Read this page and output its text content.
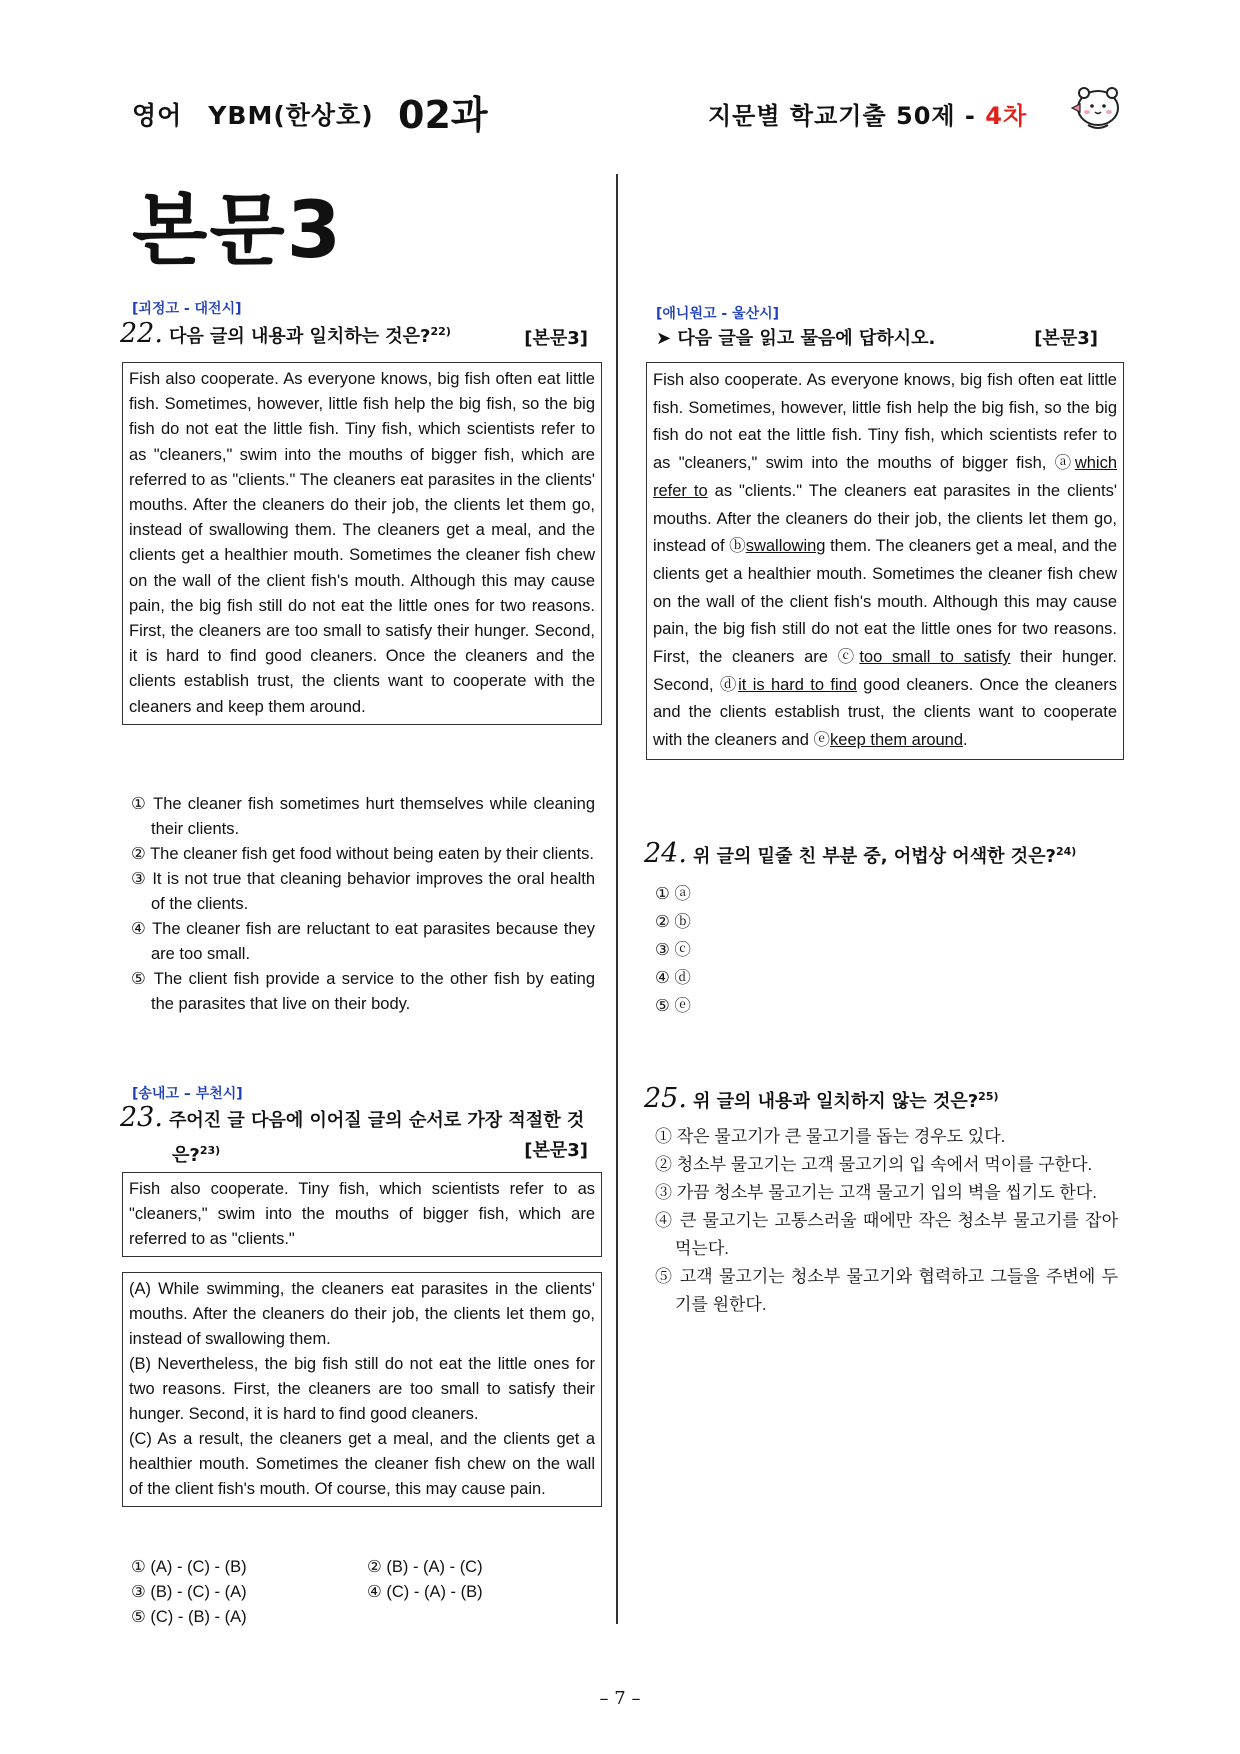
영어　YBM(한상호) 02과	지문별 학교기출 50제 - 4차
본문3
[괴정고 - 대전시]
22. 다음 글의 내용과 일치하는 것은?$^{22)}$	[본문3]

Fish also cooperate. As everyone knows, big fish often eat little fish. Sometimes, however, little fish help the big fish, so the big fish do not eat the little fish. Tiny fish, which scientists refer to as "cleaners," swim into the mouths of bigger fish, which are referred to as "clients." The cleaners eat parasites in the clients' mouths. After the cleaners do their job, the clients let them go, instead of swallowing them. The cleaners get a meal, and the clients get a healthier mouth. Sometimes the cleaner fish chew on the wall of the client fish's mouth. Although this may cause pain, the big fish still do not eat the little ones for two reasons. First, the cleaners are too small to satisfy their hunger. Second, it is hard to find good cleaners. Once the cleaners and the clients establish trust, the clients want to cooperate with the cleaners and keep them around.

① The cleaner fish sometimes hurt themselves while cleaning their clients.

② The cleaner fish get food without being eaten by their clients.

③ It is not true that cleaning behavior improves the oral health of the clients.

④ The cleaner fish are reluctant to eat parasites because they are too small.

⑤ The client fish provide a service to the other fish by eating the parasites that live on their body.

[송내고 – 부천시]
23. 주어진 글 다음에 이어질 글의 순서로 가장 적절한 것
은?$^{23)}$	[본문3]

Fish also cooperate. Tiny fish, which scientists refer to as "cleaners," swim into the mouths of bigger fish, which are referred to as "clients."

(A) While swimming, the cleaners eat parasites in the clients' mouths. After the cleaners do their job, the clients let them go, instead of swallowing them.

(B) Nevertheless, the big fish still do not eat the little ones for two reasons. First, the cleaners are too small to satisfy their hunger. Second, it is hard to find good cleaners.

(C) As a result, the cleaners get a meal, and the clients get a healthier mouth. Sometimes the cleaner fish chew on the wall of the client fish's mouth. Of course, this may cause pain.

① (A) - (C) - (B)	② (B) - (A) - (C)
③ (B) - (C) - (A)	④ (C) - (A) - (B)
⑤ (C) - (B) - (A)
[애니원고 - 울산시]
➤ 다음 글을 읽고 물음에 답하시오.	[본문3]

Fish also cooperate. As everyone knows, big fish often eat little fish. Sometimes, however, little fish help the big fish, so the big fish do not eat the little fish. Tiny fish, which scientists refer to as "cleaners," swim into the mouths of bigger fish, ⓐwhich refer to as "clients." The cleaners eat parasites in the clients' mouths. After the cleaners do their job, the clients let them go, instead of ⓑswallowing them. The cleaners get a meal, and the clients get a healthier mouth. Sometimes the cleaner fish chew on the wall of the client fish's mouth. Although this may cause pain, the big fish still do not eat the little ones for two reasons. First, the cleaners are ⓒtoo small to satisfy their hunger. Second, ⓓit is hard to find good cleaners. Once the cleaners and the clients establish trust, the clients want to cooperate with the cleaners and ⓔkeep them around.

24. 위 글의 밑줄 친 부분 중, 어법상 어색한 것은?$^{24)}$
① ⓐ
② ⓑ
③ ⓒ
④ ⓓ
⑤ ⓔ
25. 위 글의 내용과 일치하지 않는 것은?$^{25)}$

① 작은 물고기가 큰 물고기를 돕는 경우도 있다.

② 청소부 물고기는 고객 물고기의 입 속에서 먹이를 구한다.

③ 가끔 청소부 물고기는 고객 물고기 입의 벽을 씹기도 한다.

④ 큰 물고기는 고통스러울 때에만 작은 청소부 물고기를 잡아먹는다.

⑤ 고객 물고기는 청소부 물고기와 협력하고 그들을 주변에 두기를 원한다.

– 7 –
